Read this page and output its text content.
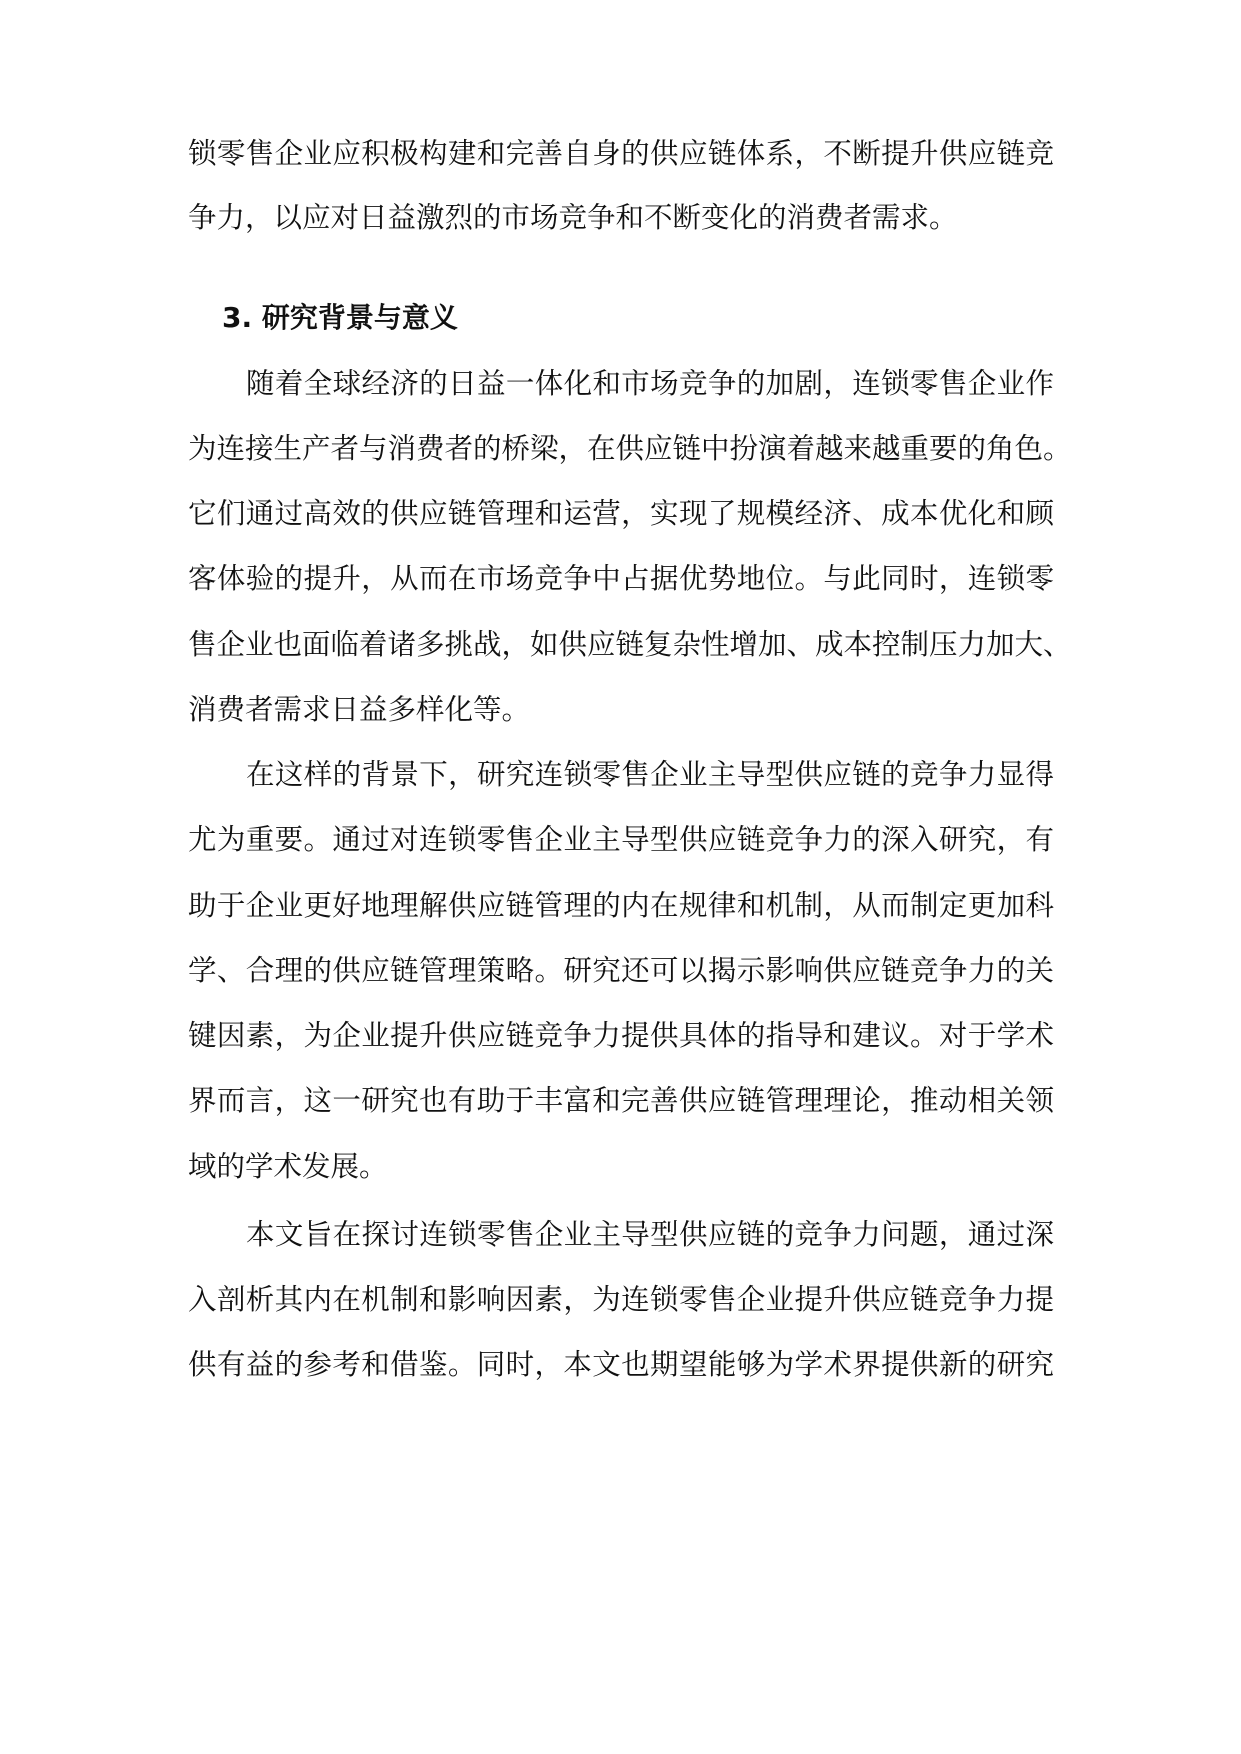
锁零售企业应积极构建和完善自身的供应链体系，不断提升供应链竞
争力，以应对日益激烈的市场竞争和不断变化的消费者需求。
3. 研究背景与意义
随着全球经济的日益一体化和市场竞争的加剧，连锁零售企业作
为连接生产者与消费者的桥梁，在供应链中扮演着越来越重要的角色。
它们通过高效的供应链管理和运营，实现了规模经济、成本优化和顾
客体验的提升，从而在市场竞争中占据优势地位。与此同时，连锁零
售企业也面临着诸多挑战，如供应链复杂性增加、成本控制压力加大、
消费者需求日益多样化等。
在这样的背景下，研究连锁零售企业主导型供应链的竞争力显得
尤为重要。通过对连锁零售企业主导型供应链竞争力的深入研究，有
助于企业更好地理解供应链管理的内在规律和机制，从而制定更加科
学、合理的供应链管理策略。研究还可以揭示影响供应链竞争力的关
键因素，为企业提升供应链竞争力提供具体的指导和建议。对于学术
界而言，这一研究也有助于丰富和完善供应链管理理论，推动相关领
域的学术发展。
本文旨在探讨连锁零售企业主导型供应链的竞争力问题，通过深
入剖析其内在机制和影响因素，为连锁零售企业提升供应链竞争力提
供有益的参考和借鉴。同时，本文也期望能够为学术界提供新的研究
